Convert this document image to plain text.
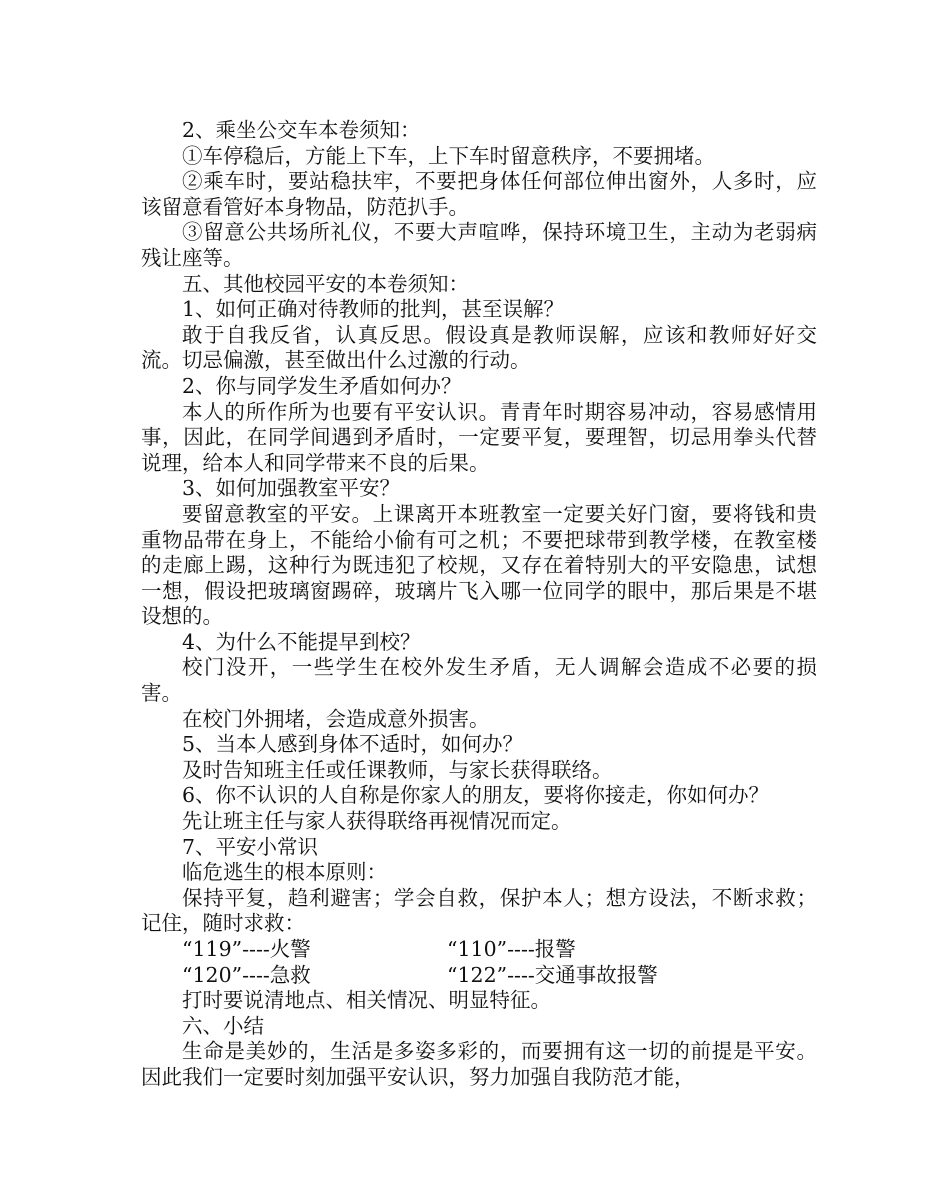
2、乘坐公交车本卷须知：

①车停稳后，方能上下车，上下车时留意秩序，不要拥堵。

②乘车时，要站稳扶牢，不要把身体任何部位伸出窗外，人多时，应该留意看管好本身物品，防范扒手。

③留意公共场所礼仪，不要大声喧哗，保持环境卫生，主动为老弱病残让座等。

五、其他校园平安的本卷须知：

1、如何正确对待教师的批判，甚至误解？

敢于自我反省，认真反思。假设真是教师误解，应该和教师好好交流。切忌偏激，甚至做出什么过激的行动。

2、你与同学发生矛盾如何办？

本人的所作所为也要有平安认识。青青年时期容易冲动，容易感情用事，因此，在同学间遇到矛盾时，一定要平复，要理智，切忌用拳头代替说理，给本人和同学带来不良的后果。

3、如何加强教室平安？

要留意教室的平安。上课离开本班教室一定要关好门窗，要将钱和贵重物品带在身上，不能给小偷有可之机；不要把球带到教学楼，在教室楼的走廊上踢，这种行为既违犯了校规，又存在着特别大的平安隐患，试想一想，假设把玻璃窗踢碎，玻璃片飞入哪一位同学的眼中，那后果是不堪设想的。

4、为什么不能提早到校？

校门没开，一些学生在校外发生矛盾，无人调解会造成不必要的损害。

在校门外拥堵，会造成意外损害。

5、当本人感到身体不适时，如何办？

及时告知班主任或任课教师，与家长获得联络。

6、你不认识的人自称是你家人的朋友，要将你接走，你如何办？

先让班主任与家人获得联络再视情况而定。

7、平安小常识

临危逃生的根本原则：

保持平复，趋利避害；学会自救，保护本人；想方设法，不断求救；记住，随时求救：

“119”----火警	“110”----报警
“120”----急救	“122”----交通事故报警

打时要说清地点、相关情况、明显特征。

六、小结

生命是美妙的，生活是多姿多彩的，而要拥有这一切的前提是平安。因此我们一定要时刻加强平安认识，努力加强自我防范才能，
